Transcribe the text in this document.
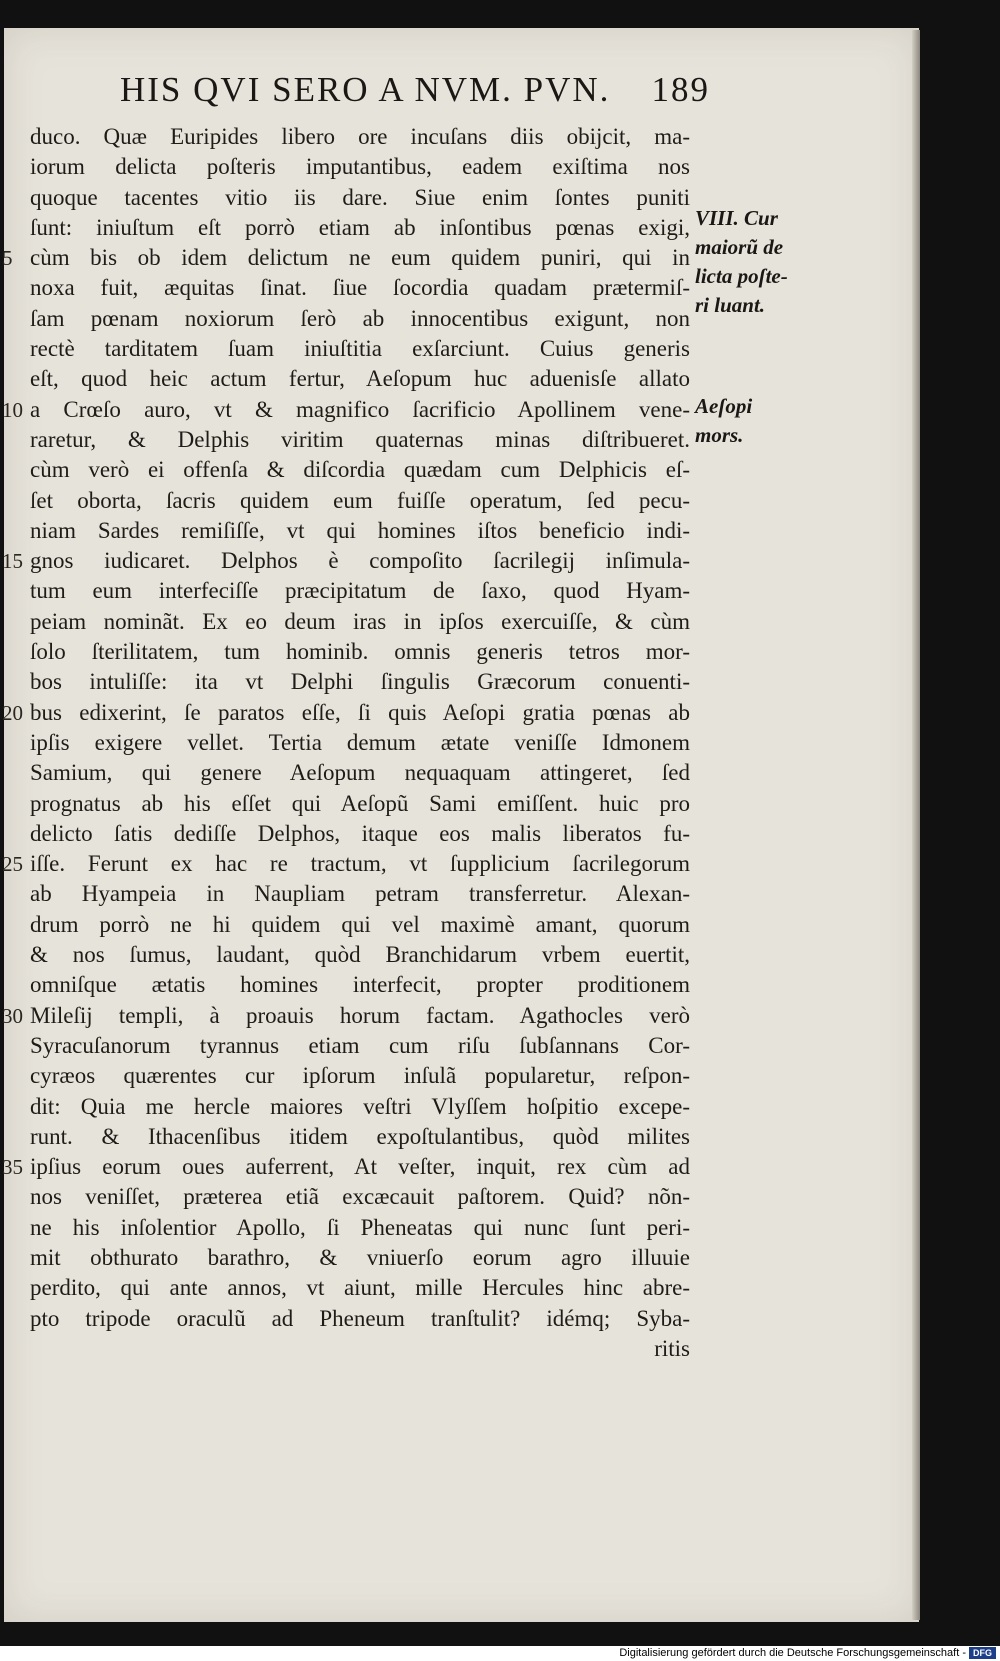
HIS QVI SERO A NVM. PVN. 189
duco. Quæ Euripides libero ore incuſans diis obijcit, ma-
iorum delicta poſteris imputantibus, eadem exiſtima nos
quoque tacentes vitio iis dare. Siue enim ſontes puniti
ſunt: iniuſtum eſt porrò etiam ab inſontibus pœnas exigi,
5 cùm bis ob idem delictum ne eum quidem puniri, qui in
noxa fuit, æquitas ſinat. ſiue ſocordia quadam prætermiſ-
ſam pœnam noxiorum ſerò ab innocentibus exigunt, non
rectè tarditatem ſuam iniuſtitia exſarciunt. Cuius generis
eſt, quod heic actum fertur, Aeſopum huc aduenisſe allato
10 a Crœſo auro, vt & magnifico ſacrificio Apollinem vene-
raretur, & Delphis viritim quaternas minas diſtribueret.
cùm verò ei offenſa & diſcordia quædam cum Delphicis eſ-
ſet oborta, ſacris quidem eum fuiſſe operatum, ſed pecu-
niam Sardes remiſiſſe, vt qui homines iſtos beneficio indi-
15 gnos iudicaret. Delphos è compoſito ſacrilegij inſimula-
tum eum interfeciſſe præcipitatum de ſaxo, quod Hyam-
peiam nominãt. Ex eo deum iras in ipſos exercuiſſe, & cùm
ſolo ſterilitatem, tum hominib. omnis generis tetros mor-
bos intuliſſe: ita vt Delphi ſingulis Græcorum conuenti-
20 bus edixerint, ſe paratos eſſe, ſi quis Aeſopi gratia pœnas ab
ipſis exigere vellet. Tertia demum ætate veniſſe Idmonem
Samium, qui genere Aeſopum nequaquam attingeret, ſed
prognatus ab his eſſet qui Aeſopũ Sami emiſſent. huic pro
delicto ſatis dediſſe Delphos, itaque eos malis liberatos fu-
25 iſſe. Ferunt ex hac re tractum, vt ſupplicium ſacrilegorum
ab Hyampeia in Naupliam petram transferretur. Alexan-
drum porrò ne hi quidem qui vel maximè amant, quorum
& nos ſumus, laudant, quòd Branchidarum vrbem euertit,
omniſque ætatis homines interfecit, propter proditionem
30 Mileſij templi, à proauis horum factam. Agathocles verò
Syracuſanorum tyrannus etiam cum riſu ſubſannans Cor-
cyræos quærentes cur ipſorum inſulã popularetur, reſpon-
dit: Quia me hercle maiores veſtri Vlyſſem hoſpitio excepe-
runt. & Ithacenſibus itidem expoſtulantibus, quòd milites
35 ipſius eorum oues auferrent, At veſter, inquit, rex cùm ad
nos veniſſet, præterea etiã excæcauit paſtorem. Quid? nõn-
ne his inſolentior Apollo, ſi Pheneatas qui nunc ſunt peri-
mit obthurato barathro, & vniuerſo eorum agro illuuie
perdito, qui ante annos, vt aiunt, mille Hercules hinc abre-
pto tripode oraculũ ad Pheneum tranſtulit? idémq; Syba-
ritis
VIII. Cur
maiorũ de
licta poſte-
ri luant.
Aeſopi
mors.
Digitalisierung gefördert durch die Deutsche Forschungsgemeinschaft - DFG
